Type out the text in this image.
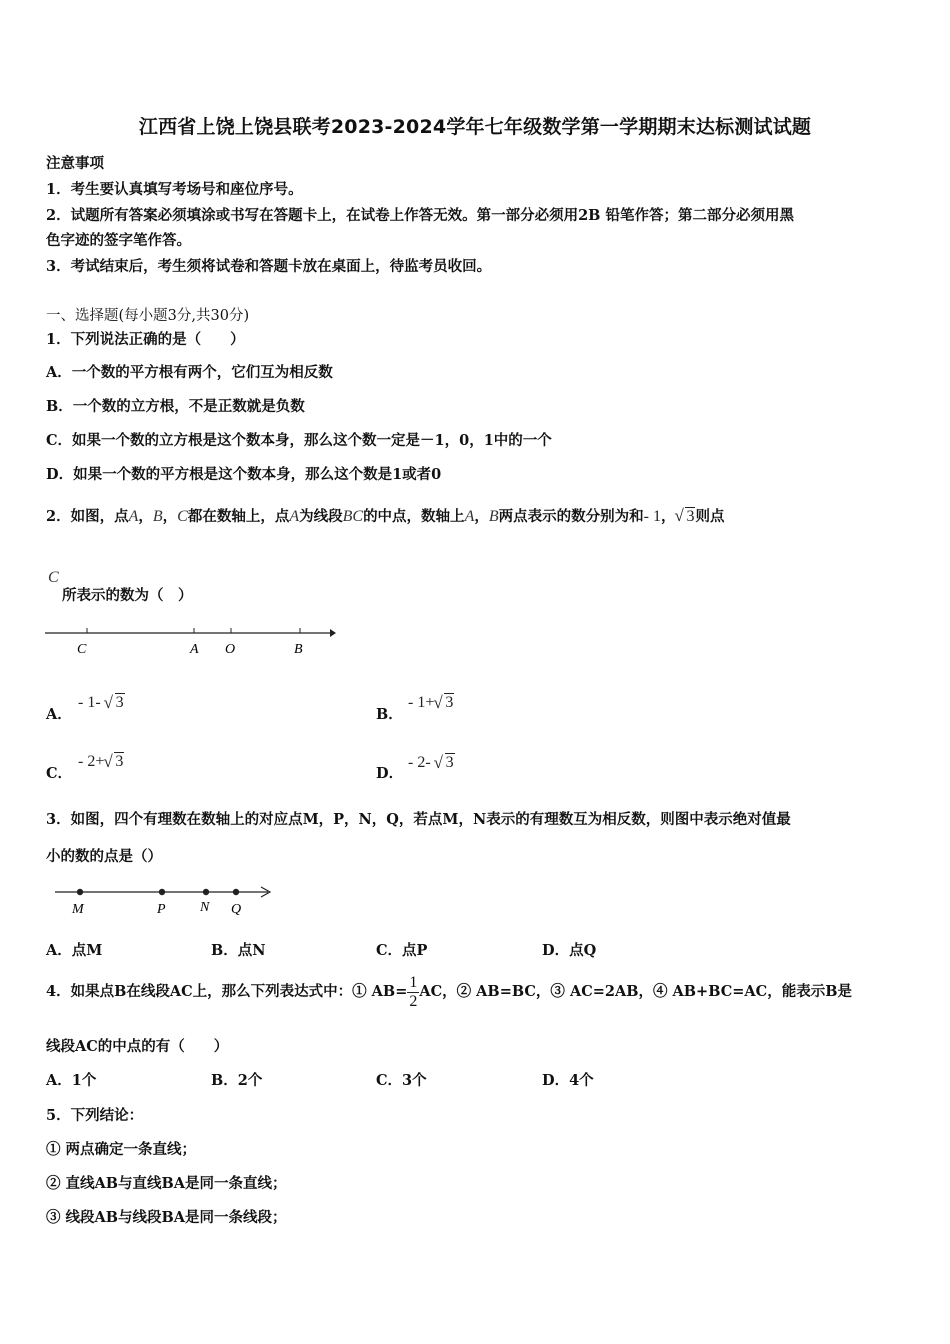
江西省上饶上饶县联考2023-2024学年七年级数学第一学期期末达标测试试题
注意事项
1．考生要认真填写考场号和座位序号。
2．试题所有答案必须填涂或书写在答题卡上，在试卷上作答无效。第一部分必须用2B 铅笔作答；第二部分必须用黑
色字迹的签字笔作答。
3．考试结束后，考生须将试卷和答题卡放在桌面上，待监考员收回。
一、选择题(每小题3分,共30分)
1．下列说法正确的是（　　）
A．一个数的平方根有两个，它们互为相反数
B．一个数的立方根，不是正数就是负数
C．如果一个数的立方根是这个数本身，那么这个数一定是－1，0，1中的一个
D．如果一个数的平方根是这个数本身，那么这个数是1或者0
2．如图，点A，B，C都在数轴上，点A为线段BC的中点，数轴上A，B两点表示的数分别为和- 1， √ 3则点
C
所表示的数为（　）
C	A O	B
A．
- 1- √ 3
B．
- 1+ √ 3
C．
- 2+ √ 3
D．
- 2- √ 3
3．如图，四个有理数在数轴上的对应点M，P，N，Q，若点M，N表示的有理数互为相反数，则图中表示绝对值最
小的数的点是（）
M	P N Q
A．点M	B．点N	C．点P	D．点Q
4．如果点B在线段AC上，那么下列表达式中：① $AB= \frac{1}{2}$ AC，② AB=BC，③ AC=2AB，④ AB+BC=AC，能表示B是
线段AC的中点的有（　　）
A．1个	B．2个	C．3个	D．4个
5．下列结论：
① 两点确定一条直线；
② 直线AB与直线BA是同一条直线；
③ 线段AB与线段BA是同一条线段；
